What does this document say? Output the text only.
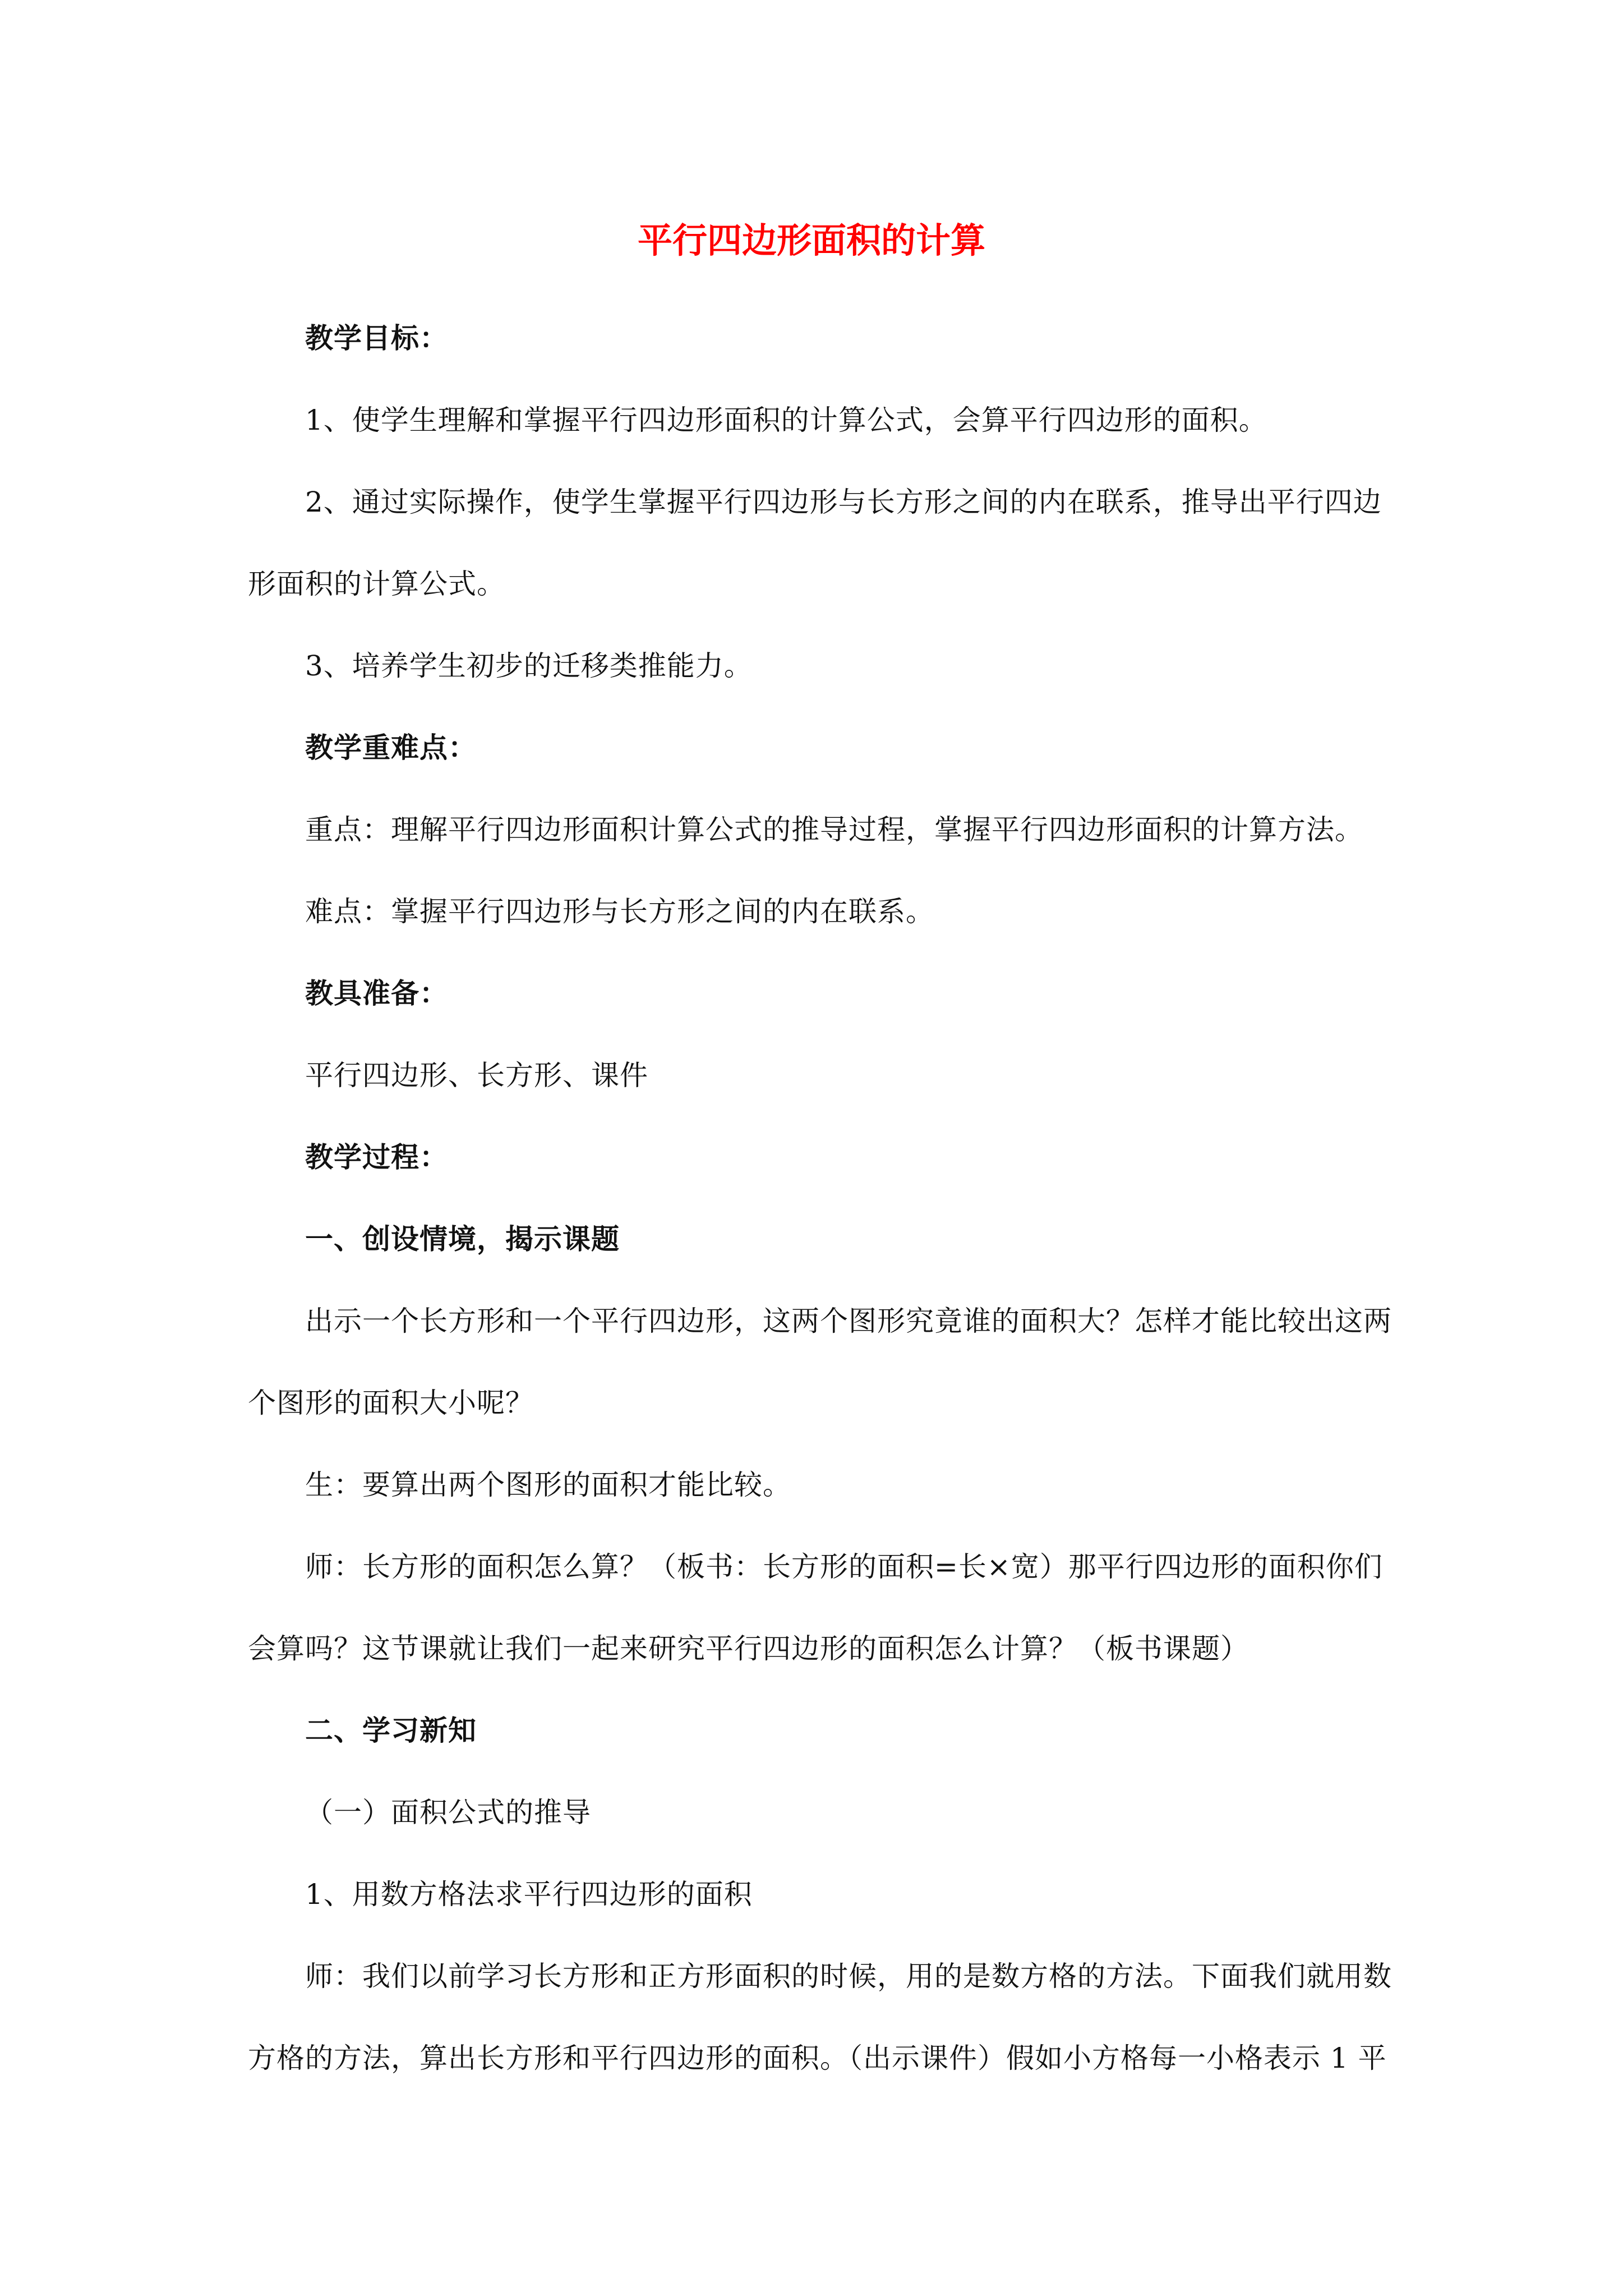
平行四边形面积的计算
教学目标：
1、使学生理解和掌握平行四边形面积的计算公式，会算平行四边形的面积。
2、通过实际操作，使学生掌握平行四边形与长方形之间的内在联系，推导出平行四边
形面积的计算公式。
3、培养学生初步的迁移类推能力。
教学重难点：
重点：理解平行四边形面积计算公式的推导过程，掌握平行四边形面积的计算方法。
难点：掌握平行四边形与长方形之间的内在联系。
教具准备：
平行四边形、长方形、课件
教学过程：
一、创设情境，揭示课题
出示一个长方形和一个平行四边形，这两个图形究竟谁的面积大？怎样才能比较出这两
个图形的面积大小呢？
生：要算出两个图形的面积才能比较。
师：长方形的面积怎么算？（板书：长方形的面积=长×宽）那平行四边形的面积你们
会算吗？这节课就让我们一起来研究平行四边形的面积怎么计算？（板书课题）
二、学习新知
（一）面积公式的推导
1、用数方格法求平行四边形的面积
师：我们以前学习长方形和正方形面积的时候，用的是数方格的方法。下面我们就用数
方格的方法，算出长方形和平行四边形的面积。（出示课件）假如小方格每一小格表示 1 平
